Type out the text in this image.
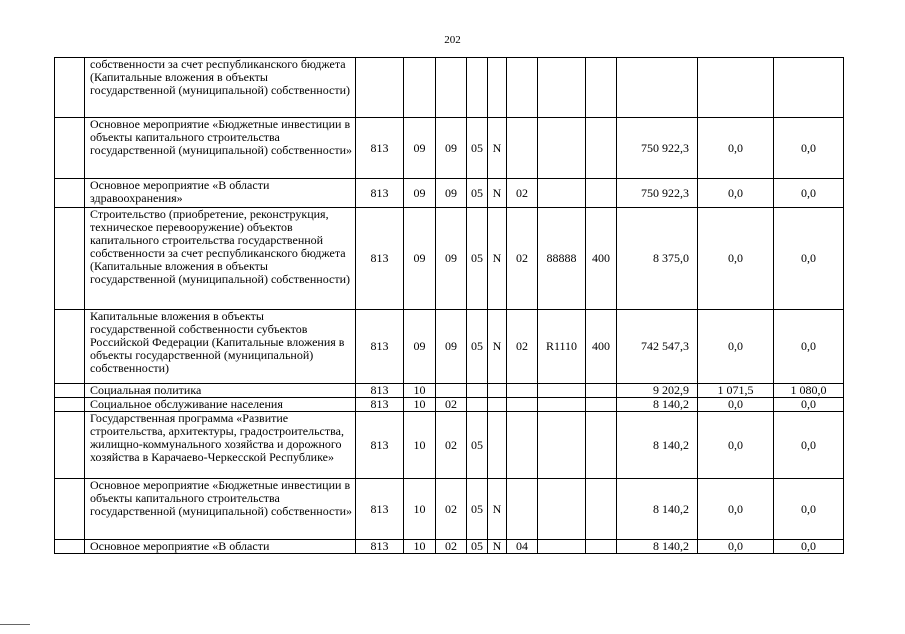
202
	собственности за счет республиканского бюджета (Капитальные вложения в объекты государственной (муниципальной) собственности)											
	Основное мероприятие «Бюджетные инвестиции в объекты капитального строительства государственной (муниципальной) собственности»	813	09	09	05	N				750 922,3	0,0	0,0
	Основное мероприятие «В области здравоохранения»	813	09	09	05	N	02			750 922,3	0,0	0,0
	Строительство (приобретение, реконструкция, техническое перевооружение) объектов капитального строительства государственной собственности за счет республиканского бюджета (Капитальные вложения в объекты государственной (муниципальной) собственности)	813	09	09	05	N	02	88888	400	8 375,0	0,0	0,0
	Капитальные вложения в объекты государственной собственности субъектов Российской Федерации (Капитальные вложения в объекты государственной (муниципальной) собственности)	813	09	09	05	N	02	R1110	400	742 547,3	0,0	0,0
	Социальная политика	813	10							9 202,9	1 071,5	1 080,0
	Социальное обслуживание населения	813	10	02						8 140,2	0,0	0,0
	Государственная программа «Развитие строительства, архитектуры, градостроительства, жилищно-коммунального хозяйства и дорожного хозяйства в Карачаево-Черкесской Республике»	813	10	02	05					8 140,2	0,0	0,0
	Основное мероприятие «Бюджетные инвестиции в объекты капитального строительства государственной (муниципальной) собственности»	813	10	02	05	N				8 140,2	0,0	0,0
	Основное мероприятие «В области	813	10	02	05	N	04			8 140,2	0,0	0,0
